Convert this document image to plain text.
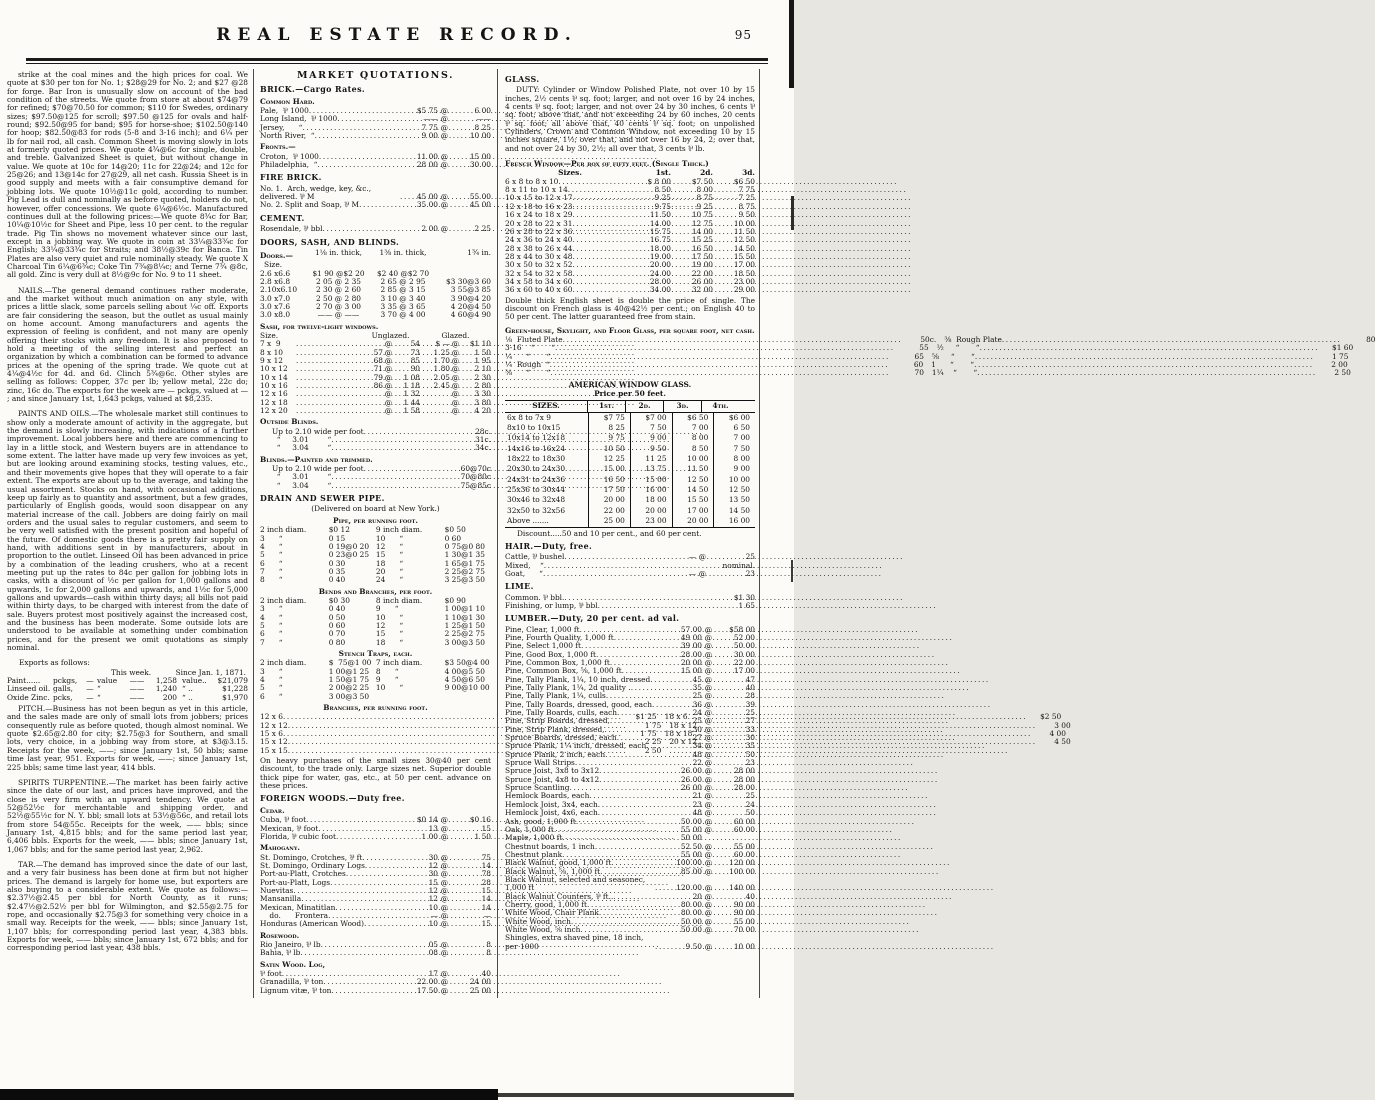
REAL ESTATE RECORD.	95

strike at the coal mines and the high prices for coal. We quote at $30 per ton for No. 1; $28@29 for No. 2; and $27 @28 for forge. Bar Iron is unusually slow on account of the bad condition of the streets. We quote from store at about $74@79 for refined; $70@70.50 for common; $110 for Swedes, ordinary sizes; $97.50@125 for scroll; $97.50 @125 for ovals and half-round; $92.50@95 for band; $95 for horse-shoe; $102.50@140 for hoop; $82.50@83 for rods (5-8 and 3-16 inch); and 6¼ per lb for nail rod, all cash. Common Sheet is moving slowly in lots at formerly quoted prices. We quote 4¾@6c for single, double, and treble. Galvanized Sheet is quiet, but without change in value. We quote at 10c for 14@20; 11c for 22@24; and 12c for 25@26; and 13@14c for 27@29, all net cash. Russia Sheet is in good supply and meets with a fair consumptive demand for jobbing lots. We quote 10½@11c gold, according to number. Pig Lead is dull and nominally as before quoted, holders do not, however, offer concessions. We quote 6¼@6½c. Manufactured continues dull at the following prices:—We quote 8¾c for Bar, 10¼@10½c for Sheet and Pipe, less 10 per cent. to the regular trade. Pig Tin shows no movement whatever since our last, except in a jobbing way. We quote in coin at 33¼@33¾c for English; 33¼@33¾c for Straits; and 38½@39c for Banca. Tin Plates are also very quiet and rule nominally steady. We quote X Charcoal Tin 6¼@6¾c; Coke Tin 7¾@8¼c; and Terne 7¾ @8c, all gold. Zinc is very dull at 8½@9c for No. 9 to 11 sheet.

NAILS.—The general demand continues rather moderate, and the market without much animation on any style, with prices a little slack, some parcels selling about ¼c off. Exports are fair considering the season, but the outlet as usual mainly on home account. Among manufacturers and agents the expression of feeling is confident, and not many are openly offering their stocks with any freedom. It is also proposed to hold a meeting of the selling interest and perfect an organization by which a combination can be formed to advance prices at the opening of the spring trade. We quote cut at 4¼@4½c for 4d. and 6d. Clinch 5¾@6c. Other styles are selling as follows: Copper, 37c per lb; yellow metal, 22c do; zinc, 16c do. The exports for the week are — pckgs, valued at — ; and since January 1st, 1,643 pckgs, valued at $8,235.

PAINTS AND OILS.—The wholesale market still continues to show only a moderate amount of activity in the aggregate, but the demand is slowly increasing, with indications of a further improvement. Local jobbers here and there are commencing to lay in a little stock, and Western buyers are in attendance to some extent. The latter have made up very few invoices as yet, but are looking around examining stocks, testing values, etc., and their movements give hopes that they will operate to a fair extent. The exports are about up to the average, and taking the usual assortment. Stocks on hand, with occasional additions, keep up fairly as to quantity and assortment, but a few grades, particularly of English goods, would soon disappear on any material increase of the call. Jobbers are doing fairly on mail orders and the usual sales to regular customers, and seem to be very well satisfied with the present position and hopeful of the future. Of domestic goods there is a pretty fair supply on hand, with additions sent in by manufacturers, about in proportion to the outlet. Linseed Oil has been advanced in price by a combination of the leading crushers, who at a recent meeting put up the rates to 84c per gallon for jobbing lots in casks, with a discount of ½c per gallon for 1,000 gallons and upwards, 1c for 2,000 gallons and upwards, and 1½c for 5,000 gallons and upwards—cash within thirty days; all bills not paid within thirty days, to be charged with interest from the date of sale. Buyers protest most positively against the increased cost, and the business has been moderate. Some outside lots are understood to be available at something under combination prices, and for the present we omit quotations as simply nominal.

Exports as follows:
This week.	Since Jan. 1, 1871.
Paint......	pckgs,	— value	——	1,258 value..	$21,079
Linseed oil. galls,	— “	——	1,240 “ ..	$1,228
Oxide Zinc. pcks,	— “	——	200 “ ..	$1,970

PITCH.—Business has not been begun as yet in this article, and the sales made are only of small lots from jobbers; prices consequently rule as before quoted, though almost nominal. We quote $2.65@2.80 for city; $2.75@3 for Southern, and small lots, very choice, in a jobbing way from store, at $3@3.15. Receipts for the week, ——; since January 1st, 50 bbls; same time last year, 951. Exports for week, ——; since January 1st, 225 bbls; same time last year, 414 bbls.

SPIRITS TURPENTINE.—The market has been fairly active since the date of our last, and prices have improved, and the close is very firm with an upward tendency. We quote at 52@52½c for merchantable and shipping order, and 52½@55½c for N. Y. bbl; small lots at 53½@56c, and retail lots from store 54@55c. Receipts for the week, —— bbls; since January 1st, 4,815 bbls; and for the same period last year, 6,406 bbls. Exports for the week, —— bbls; since January 1st, 1,067 bbls; and for the same period last year, 2,962.

TAR.—The demand has improved since the date of our last, and a very fair business has been done at firm but not higher prices. The demand is largely for home use, but exporters are also buying to a considerable extent. We quote as follows:—$2.37½@2.45 per bbl for North County, as it runs; $2.47½@2.52½ per bbl for Wilmington, and $2.55@2.75 for rope, and occasionally $2.75@3 for something very choice in a small way. Receipts for the week, —— bbls; since January 1st, 1,107 bbls; for corresponding period last year, 4,383 bbls. Exports for week, —— bbls; since January 1st, 672 bbls; and for corresponding period last year, 438 bbls.

MARKET QUOTATIONS.
BRICK.—Cargo Rates.
Common Hard.
Pale,  ⅌ 1000 .....	$5 75 @	6 00
Long Island,  ⅌ 1000 .....	—— @	——
Jersey,      “ .....	7 75 @	8 25
North River,  “ .....	9 00 @	10 00
Fronts.—
Croton,  ⅌ 1000 .....	11 00 @	15 00
Philadelphia,  “ .....	28 00 @	30 00
FIRE BRICK.
No. 1.  Arch, wedge, key, &c., delivered. ⅌ M .....	45 00 @	55 00
No. 2. Split and Soap, ⅌ M .....	35 00 @	45 00
CEMENT.
Rosendale, ⅌ bbl .....	2 00 @	2 25
DOORS, SASH, AND BLINDS.
Doors.—	1⅛ in. thick,	1⅜ in. thick,	1¾ in.
Size.
2.6 x6.6	$1 90 @$2 20	$2 40 @$2 70
2.8 x6.8	2 05 @ 2 35	2 65 @ 2 95	$3 30@3 60
2.10x6.10	2 30 @ 2 60	2 85 @ 3 15	3 55@3 85
3.0 x7.0	2 50 @ 2 80	3 10 @ 3 40	3 90@4 20
3.0 x7.6	2 70 @ 3 00	3 35 @ 3 65	4 20@4 50
3.0 x8.0	—— @ ——	3 70 @ 4 00	4 60@4 90
Sash, for twelve-light windows.
Size.	Unglazed.	Glazed.
7 x  9 .....	@	54	$ — @	$1 10
8 x 10 .....	57 @	73	1 25 @	1 50
9 x 12 .....	68 @	85	1 70 @	1 95
10 x 12 .....	71 @	90	1 80 @	2 10
10 x 14 .....	79 @	1 08	2 05 @	2 30
10 x 16 .....	86 @	1 18	2 45 @	2 80
12 x 16 .....	@	1 32	@	3 30
12 x 18 .....	@	1 44	@	3 80
12 x 20 .....	@	1 58	@	4 20
Outside Blinds.
Up to 2.10 wide per foot .....	28c.
“     3.01        “ .....	31c.
“     3.04        “ .....	34c.
Blinds.—Painted and trimmed.
Up to 2.10 wide per foot .....	60@70c
“     3.01        “ .....	70@80c
“     3.04        “ .....	75@85c
DRAIN AND SEWER PIPE.
(Delivered on board at New York.)
Pipe, per running foot.
2 inch diam.	$0 12	9 inch diam.	$0 50
3      “	0 15	10      “	0 60
4      “	0 19@0 20 12      “	0 75@0 80
5      “	0 23@0 25 15      “	1 30@1 35
6      “	0 30	18      “	1 65@1 75
7      “	0 35	20      “	2 25@2 75
8      “	0 40	24      “	3 25@3 50
Bends and Branches, per foot.
2 inch diam.	$0 30	8 inch diam.	$0 90
3      “	0 40	9      “	1 00@1 10
4      “	0 50	10      “	1 10@1 30
5      “	0 60	12      “	1 25@1 50
6      “	0 70	15      “	2 25@2 75
7      “	0 80	18      “	3 00@3 50
Stench Traps, each.
2 inch diam.	$  75@1 00 7 inch diam.	$3 50@4 00
3      “	1 00@1 25 8      “	4 00@5 50
4      “	1 50@1 75 9      “	4 50@6 50
5      “	2 00@2 25 10      “	9 00@10 00
6      “	3 00@3 50
Branches, per running foot.
12 x 6 .....	$1 25 18 x 6 .....	$2 50
12 x 12 .....	1 75 18 x 12 .....	3 00
15 x 6 .....	1 75 18 x 18 .....	4 00
15 x 12 .....	2 25 20 x 12 .....	4 50
15 x 15 .....	2 50
.....

On heavy purchases of the small sizes 30@40 per cent discount, to the trade only. Large sizes net. Superior double thick pipe for water, gas, etc., at 50 per cent. advance on these prices.

FOREIGN WOODS.—Duty free.
Cedar.
Cuba, ⅌ foot .....	$0 14 @	$0 16
Mexican, ⅌ foot .....	13 @	15
Florida, ⅌ cubic foot .....	1 00 @	1 50
Mahogany.
St. Domingo, Crotches, ⅌ ft .....	30 @	75
St. Domingo, Ordinary Logs .....	12 @	14
Port-au-Platt, Crotches .....	30 @	78
Port-au-Platt, Logs .....	15 @	28
Nuevitas .....	12 @	15
Mansanilla .....	12 @	14
Mexican, Minatitlan .....	10 @	14
do.      Frontera .....	— @	—
Honduras (American Wood) .....	10 @	15
Rosewood.
Rio Janeiro, ⅌ lb .....	05 @	8
Bahia, ⅌ lb .....	08 @	8
Satin Wood. Log,
⅌ foot .....	17 @	40
Granadilla, ⅌ ton .....	22 00 @	24 00
Lignum vitæ, ⅌ ton .....	17 50 @	25 00
GLASS.

DUTY: Cylinder or Window Polished Plate, not over 10 by 15 inches, 2½ cents ⅌ sq. foot; larger, and not over 16 by 24 inches, 4 cents ⅌ sq. foot; larger, and not over 24 by 30 inches, 6 cents ⅌ sq. foot; above that, and not exceeding 24 by 60 inches, 20 cents ⅌ sq. foot; all above that, 40 cents ⅌ sq. foot; on unpolished Cylinders, Crown and Common Window, not exceeding 10 by 15 inches square, 1½; over that, and not over 16 by 24, 2; over that, and not over 24 by 30, 2½; all over that, 3 cents ⅌ lb.

French Window—Per box of fifty feet. (Single Thick.)
Sizes.	1st.	2d.	3d.
6 x 8 to 8 x 10 .....	$ 8 00	$7 50	$6 50
8 x 11 to 10 x 14 .....	8 50	8 00	7 75
10 x 15 to 12 x 17 .....	9 25	8 75	7 25
12 x 18 to 16 x 23 .....	9 75	9 25	8 75
16 x 24 to 18 x 29 .....	11 50	10 75	9 50
20 x 28 to 22 x 31 .....	14 00	12 75	10 00
26 x 28 to 22 x 36 .....	15 75	14 00	11 50
24 x 36 to 24 x 40 .....	16 75	15 25	12 50
28 x 38 to 26 x 44 .....	18 00	16 50	14 50
28 x 44 to 30 x 48 .....	19 00	17 50	15 50
30 x 50 to 32 x 52 .....	20 00	19 00	17 00
32 x 54 to 32 x 58 .....	24 00	22 00	18 50
34 x 58 to 34 x 60 .....	28 00	26 00	23 00
36 x 60 to 40 x 60 .....	34 00	32 00	29 00

Double thick English sheet is double the price of single. The discount on French glass is 40@42½ per cent.; on English 40 to 50 per cent. The latter guaranteed free from stain.

Green-house, Skylight, and Floor Glass, per square foot, net cash.
⅛  Fluted Plate .....	50c. ⅜  Rough Plate .....	80
3-16    “       “ .....	55 ½     “       “ .....	$1 60
¼      “       “ .....	65 ⅝     “       “ .....	1 75
¼  Rough  “ .....	60 1      “       “ .....	2 00
⅜      “       “ .....	70 1¼    “       “ .....	2 50
AMERICAN WINDOW GLASS.
Price per 50 feet.
SIZES.	1st.	2d.	3d.	4th.
6x 8 to 7x 9	$7 75	$7 00	$6 50	$6 00
8x10 to 10x15	8 25	7 50	7 00	6 50
10x14 to 12x18	9 75	9 00	8 00	7 00
14x16 to 16x24	10 50	9 50	8 50	7 50
18x22 to 18x30	12 25	11 25	10 00	8 00
20x30 to 24x30	15 00	13 75	11 50	9 00
24x31 to 24x36	16 50	15 00	12 50	10 00
25x36 to 30x44	17 50	16 00	14 50	12 50
30x46 to 32x48	20 00	18 00	15 50	13 50
32x50 to 32x56	22 00	20 00	17 00	14 50
Above .......	25 00	23 00	20 00	16 00
Discount.....50 and 10 per cent., and 60 per cent.
HAIR.—Duty, free.
Cattle, ⅌ bushel .....	— @	25
Mixed,    “ .....	nominal.
Goat,      “ .....	— @	23
LIME.
Common. ⅌ bbl. .....	$1 30
Finishing, or lump, ⅌ bbl .....	1 65
LUMBER.—Duty, 20 per cent. ad val.
Pine, Clear, 1,000 ft .....	57 00 @	$58 00
Pine, Fourth Quality, 1,000 ft .....	49 00 @	52 00
Pine, Select 1,000 ft .....	39 00 @	50 00
Pine, Good Box, 1,000 ft .....	28 00 @	30 00
Pine, Common Box, 1,000 ft .....	20 00 @	22 00
Pine, Common Box, ⅝, 1,000 ft .....	15 00 @	17 00
Pine, Tally Plank, 1¼, 10 inch, dressed .....	45 @	47
Pine, Tally Plank, 1¼, 2d quality . .....	35 @	40
Pine, Tally Plank, 1¼, culls .....	25 @	28
Pine, Tally Boards, dressed, good, each .....	36 @	39
Pine, Tally Boards, culls, each .....	24 @	25
Pine, Strip Boards, dressed, .....	25 @	27
Pine, Strip Plank, dressed, .....	30 @	33
Spruce Boards, dressed, each .....	27 @	30
Spruce Plank, 1¼ inch, dressed, each .....	34 @	35
Spruce Plank, 2 inch, each .....	48 @	50
Spruce Wall Strips .....	22 @	23
Spruce Joist, 3x8 to 3x12 .....	26 00 @	28 00
Spruce Joist, 4x8 to 4x12 .....	26 00 @	28 00
Spruce Scantling .....	26 00 @	28 00
Hemlock Boards, each .....	21 @	25
Hemlock Joist, 3x4, each .....	23 @	24
Hemlock Joist, 4x6, each .....	48 @	50
Ash, good, 1,000 ft .....	50 00 @	60 00
Oak, 1,000 ft .....	55 00 @	60 00
Maple, 1,000 ft .....	50 00
Chestnut boards, 1 inch .....	52 50 @	55 00
Chestnut plank .....	55 00 @	60 00
Black Walnut, good, 1,000 ft .....	100 00 @	120 00
Black Walnut, ⅝, 1,000 ft .....	85 00 @	100 00
Black Walnut, selected and seasonec, 1,000 ft .....	120 00 @	140 00
Black Walnut Counters, ⅌ ft.. .....	20 @	40
Cherry, good, 1,000 ft .....	80 00 @	90 00
White Wood, Chair Plank .....	80 00 @	90 00
White Wood, inch .....	50 00 @	55 00
White Wood, ⅝ inch .....	50 00 @	70 00
Shingles, extra shaved pine, 18 inch, per 1000 .....	9 50 @	10 00
